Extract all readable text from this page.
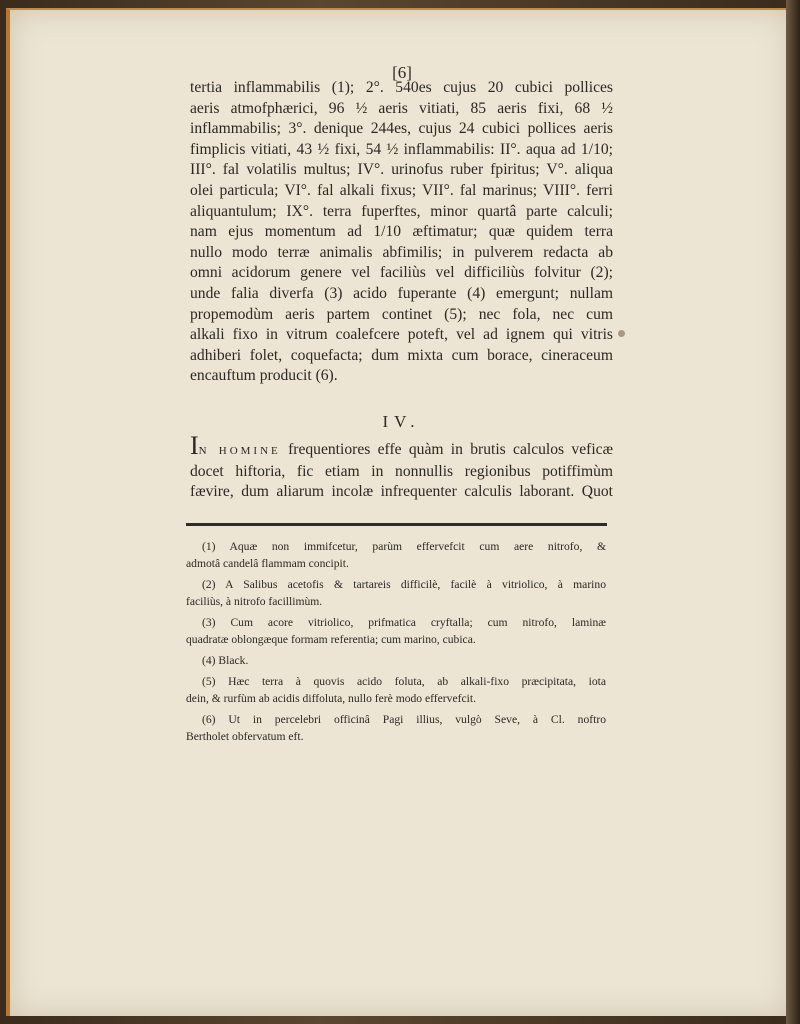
[6]
tertia inflammabilis (1); 2°. 540es cujus 20 cubici pollices
aeris atmofphærici, 96 ½ aeris vitiati, 85 aeris fixi, 68 ½
inflammabilis; 3°. denique 244es, cujus 24 cubici pollices aeris
fimplicis vitiati, 43 ½ fixi, 54 ½ inflammabilis: II°. aqua ad 1/10;
III°. fal volatilis multus; IV°. urinofus ruber fpiritus; V°. aliqua
olei particula; VI°. fal alkali fixus; VII°. fal marinus; VIII°. ferri
aliquantulum; IX°. terra fuperftes, minor quartâ parte calculi;
nam ejus momentum ad 1/10 æftimatur; quæ quidem terra
nullo modo terræ animalis abfimilis; in pulverem redacta ab
omni acidorum genere vel faciliùs vel difficiliùs folvitur (2);
unde falia diverfa (3) acido fuperante (4) emergunt; nullam
propemodùm aeris partem continet (5); nec fola, nec cum
alkali fixo in vitrum coalefcere poteft, vel ad ignem qui vitris
adhiberi folet, coquefacta; dum mixta cum borace, cineraceum
encauftum producit (6).
IV.
IN HOMINE frequentiores effe quàm in brutis calculos veficæ
docet hiftoria, fic etiam in nonnullis regionibus potiffimùm
fævire, dum aliarum incolæ infrequenter calculis laborant. Quot
(1) Aquæ non immifcetur, parùm effervefcit cum aere nitrofo, &
admotâ candelâ flammam concipit.
(2) A Salibus acetofis & tartareis difficilè, facilè à vitriolico, à marino
faciliùs, à nitrofo facillimùm.
(3) Cum acore vitriolico, prifmatica cryftalla; cum nitrofo, laminæ
quadratæ oblongæque formam referentia; cum marino, cubica.
(4) Black.
(5) Hæc terra à quovis acido foluta, ab alkali-fixo præcipitata, iota
dein, & rurfùm ab acidis diffoluta, nullo ferè modo effervefcit.
(6) Ut in percelebri officinâ Pagi illius, vulgò Seve, à Cl. noftro
Bertholet obfervatum eft.
